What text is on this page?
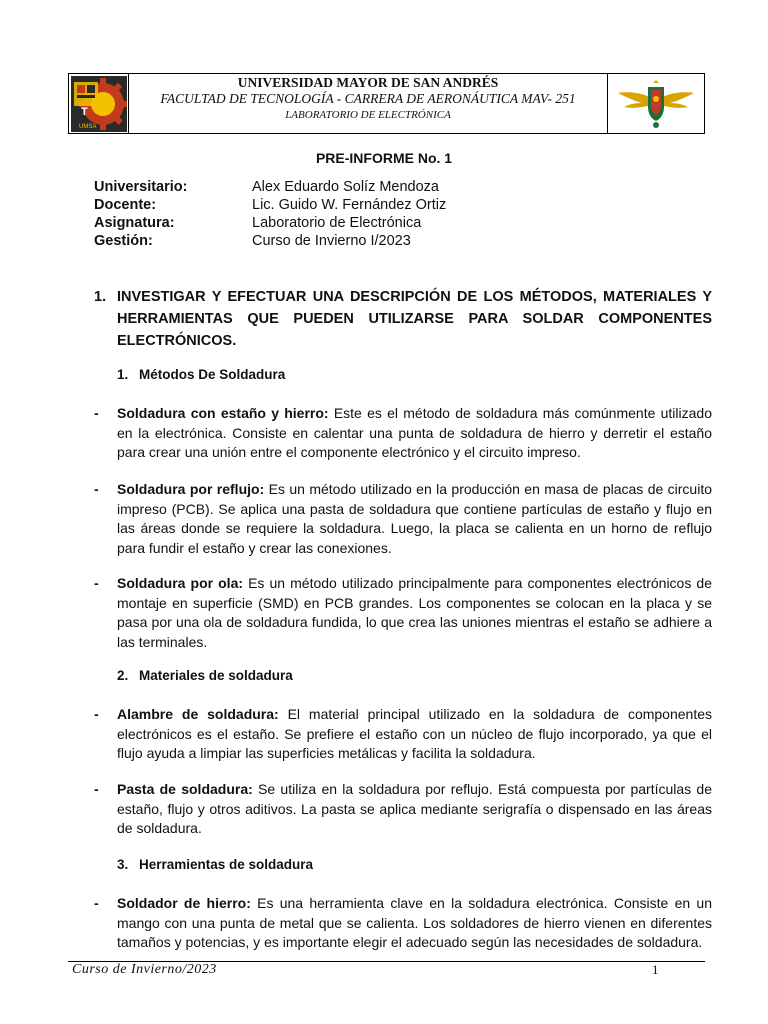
T
UMSA
UNIVERSIDAD MAYOR DE SAN ANDRÉS
FACULTAD DE TECNOLOGÍA - CARRERA DE AERONÁUTICA MAV- 251
LABORATORIO DE ELECTRÓNICA
PRE-INFORME No. 1
Universitario:	Alex Eduardo Solíz Mendoza
Docente:	Lic. Guido W. Fernández Ortiz
Asignatura:	Laboratorio de Electrónica
Gestión:	Curso de Invierno I/2023
1. INVESTIGAR Y EFECTUAR UNA DESCRIPCIÓN DE LOS MÉTODOS, MATERIALES Y HERRAMIENTAS QUE PUEDEN UTILIZARSE PARA SOLDAR COMPONENTES ELECTRÓNICOS.
1. Métodos De Soldadura
-	Soldadura con estaño y hierro: Este es el método de soldadura más comúnmente utilizado en la electrónica. Consiste en calentar una punta de soldadura de hierro y derretir el estaño para crear una unión entre el componente electrónico y el circuito impreso.
-	Soldadura por reflujo: Es un método utilizado en la producción en masa de placas de circuito impreso (PCB). Se aplica una pasta de soldadura que contiene partículas de estaño y flujo en las áreas donde se requiere la soldadura. Luego, la placa se calienta en un horno de reflujo para fundir el estaño y crear las conexiones.
-	Soldadura por ola: Es un método utilizado principalmente para componentes electrónicos de montaje en superficie (SMD) en PCB grandes. Los componentes se colocan en la placa y se pasa por una ola de soldadura fundida, lo que crea las uniones mientras el estaño se adhiere a las terminales.
2. Materiales de soldadura
-	Alambre de soldadura: El material principal utilizado en la soldadura de componentes electrónicos es el estaño. Se prefiere el estaño con un núcleo de flujo incorporado, ya que el flujo ayuda a limpiar las superficies metálicas y facilita la soldadura.
-	Pasta de soldadura: Se utiliza en la soldadura por reflujo. Está compuesta por partículas de estaño, flujo y otros aditivos. La pasta se aplica mediante serigrafía o dispensado en las áreas de soldadura.
3. Herramientas de soldadura
-	Soldador de hierro: Es una herramienta clave en la soldadura electrónica. Consiste en un mango con una punta de metal que se calienta. Los soldadores de hierro vienen en diferentes tamaños y potencias, y es importante elegir el adecuado según las necesidades de soldadura.
Curso de Invierno/2023	1
